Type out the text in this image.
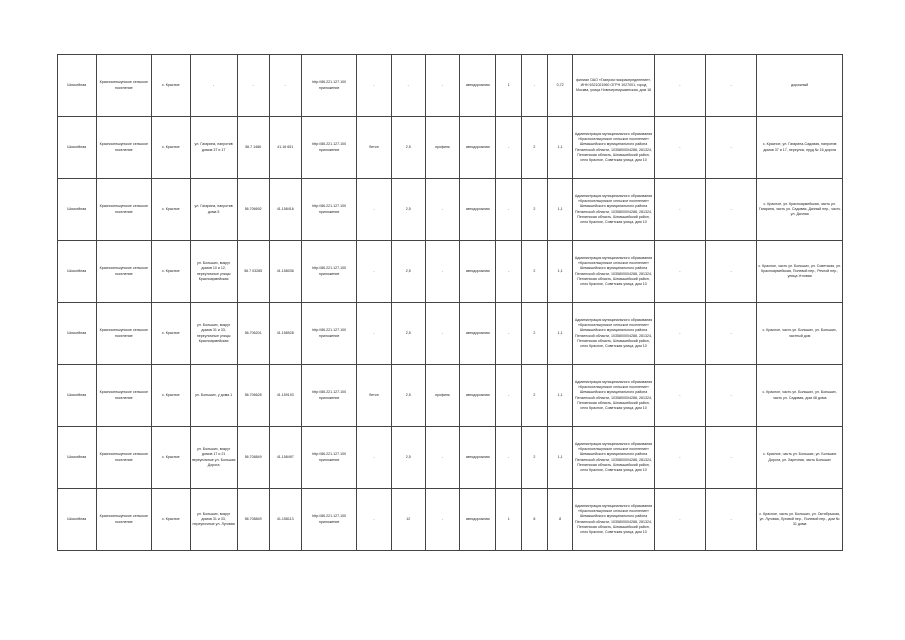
Шоссейная	Красноселькупское сельское поселение	с. Красное	-	-	-	http://86.221.127.100 приложение	-	-	-	автодорожная	1	-	0,72	филиал ОАО «Газпром газораспределение», ИНН 6321021960 ОГРН 1027001, город Москва, улица Новочеремушкинская, дом 16	-	-	дорожный
Шоссейная	Красноселькупское сельское поселение	с. Красное	ул. Гагарина, напротив домов 37 и 17	56.7 1486	41.16 651	http://86.221.127.100 приложение	бетон	2,5	профиль	автодорожная	-	2	1,1	Администрация муниципального образования «Красноселькупское сельское поселение» Шемышейского муниципального района Пензенской области, 1035800004288, 281324, Пензенская область, Шемышейский район, село Красное, Советская улица, дом 10	-	-	с. Красное, ул. Гагарина-Садовая, напротив домов 37 и 17, переулок, пруд № 16 дорога
Шоссейная	Красноселькупское сельское поселение	с. Красное	ул. Гагарина, напротив дома 5	56.706692	41.158416	http://86.221.127.100 приложение	-	2,5	-	автодорожная	-	2	1,1	Администрация муниципального образования «Красноселькупское сельское поселение» Шемышейского муниципального района Пензенской области, 1035800004288, 281324, Пензенская область, Шемышейский район, село Красное, Советская улица, дом 10	-	-	с. Красное, ул. Красноармейская, часть ул. Гагарина, часть ул. Садовая, Дачный пер., часть ул. Дачная
Шоссейная	Красноселькупское сельское поселение	с. Красное	ул. Больших, вокруг домов 10 и 12, переулочные улицы Красноармейская	56.7 03285	41.158036	http://86.221.127.100 приложение	-	2,5	-	автодорожная	-	2	1,1	Администрация муниципального образования «Красноселькупское сельское поселение» Шемышейского муниципального района Пензенской области, 1035800004288, 281324, Пензенская область, Шемышейский район, село Красное, Советская улица, дом 10	-	-	с. Красное, часть ул. Больших, ул. Советская, ул. Красноармейская, Полевой пер., Речной пер., улица Угловая
Шоссейная	Красноселькупское сельское поселение	с. Красное	ул. Больших, вокруг домов 31 и 33, переулочные улицы Красноармейская	56.706201	41.158928	http://86.221.127.100 приложение	-	2,5	-	автодорожная	-	2	1,1	Администрация муниципального образования «Красноселькупское сельское поселение» Шемышейского муниципального района Пензенской области, 1035800004288, 281324, Пензенская область, Шемышейский район, село Красное, Советская улица, дом 10	-	-	с. Красное, часть ул. Больших, ул. Больших, частный дом
Шоссейная	Красноселькупское сельское поселение	с. Красное	ул. Больших, у дома 1	56.706628	41.159193	http://86.221.127.100 приложение	бетон	2,5	профиль	автодорожная	-	2	1,1	Администрация муниципального образования «Красноселькупское сельское поселение» Шемышейского муниципального района Пензенской области, 1035800004288, 281324, Пензенская область, Шемышейский район, село Красное, Советская улица, дом 10	-	-	с. Красное, часть ул. Больших, ул. Больших, часть ул. Садовая, дом 48 дома
Шоссейная	Красноселькупское сельское поселение	с. Красное	ул. Больших, вокруг домов 17 и 21 переулочные ул. Больших Дорога	56.708849	41.158497	http://86.221.127.100 приложение	-	2,5	-	автодорожная	-	2	1,1	Администрация муниципального образования «Красноселькупское сельское поселение» Шемышейского муниципального района Пензенской области, 1035800004288, 281324, Пензенская область, Шемышейский район, село Красное, Советская улица, дом 10	-	-	с. Красное, часть ул. Больших, ул. Больших Дорога, ул. Заречная, часть Больших
Шоссейная	Красноселькупское сельское поселение	с. Красное	ул. Больших, вокруг домов 31 и 33, переулочные ул. Луговая	56.708849	41.158113	http://86.221.127.100 приложение	-	12	-	автодорожная	1	8	8	Администрация муниципального образования «Красноселькупское сельское поселение» Шемышейского муниципального района Пензенской области, 1035800004288, 281324, Пензенская область, Шемышейский район, село Красное, Советская улица, дом 10	-	-	с. Красное, часть ул. Больших, ул. Октябрьская, ул. Луговая, Луговой пер., Полевой пер., дом № 31 дома
